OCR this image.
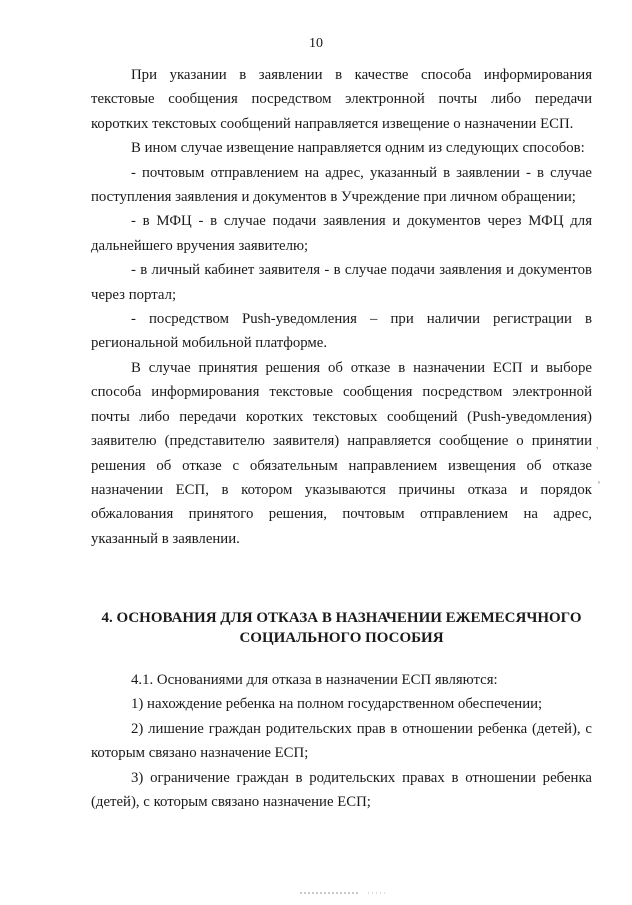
10

При указании в заявлении в качестве способа информирования текстовые сообщения посредством электронной почты либо передачи коротких текстовых сообщений направляется извещение о назначении ЕСП.

В ином случае извещение направляется одним из следующих способов:

- почтовым отправлением на адрес, указанный в заявлении - в случае поступления заявления и документов в Учреждение при личном обращении;

- в МФЦ - в случае подачи заявления и документов через МФЦ для дальнейшего вручения заявителю;

- в личный кабинет заявителя - в случае подачи заявления и документов через портал;

- посредством Push-уведомления – при наличии регистрации в региональной мобильной платформе.

В случае принятия решения об отказе в назначении ЕСП и выборе способа информирования текстовые сообщения посредством электронной почты либо передачи коротких текстовых сообщений (Push-уведомления) заявителю (представителю заявителя) направляется сообщение о принятии решения об отказе с обязательным направлением извещения об отказе назначении ЕСП, в котором указываются причины отказа и порядок обжалования принятого решения, почтовым отправлением на адрес, указанный в заявлении.

4. ОСНОВАНИЯ ДЛЯ ОТКАЗА В НАЗНАЧЕНИИ ЕЖЕМЕСЯЧНОГО СОЦИАЛЬНОГО ПОСОБИЯ

4.1. Основаниями для отказа в назначении ЕСП являются:

1) нахождение ребенка на полном государственном обеспечении;

2) лишение граждан родительских прав в отношении ребенка (детей), с которым связано назначение ЕСП;

3) ограничение граждан в родительских правах в отношении ребенка (детей), с которым связано назначение ЕСП;

,
ᵉ
